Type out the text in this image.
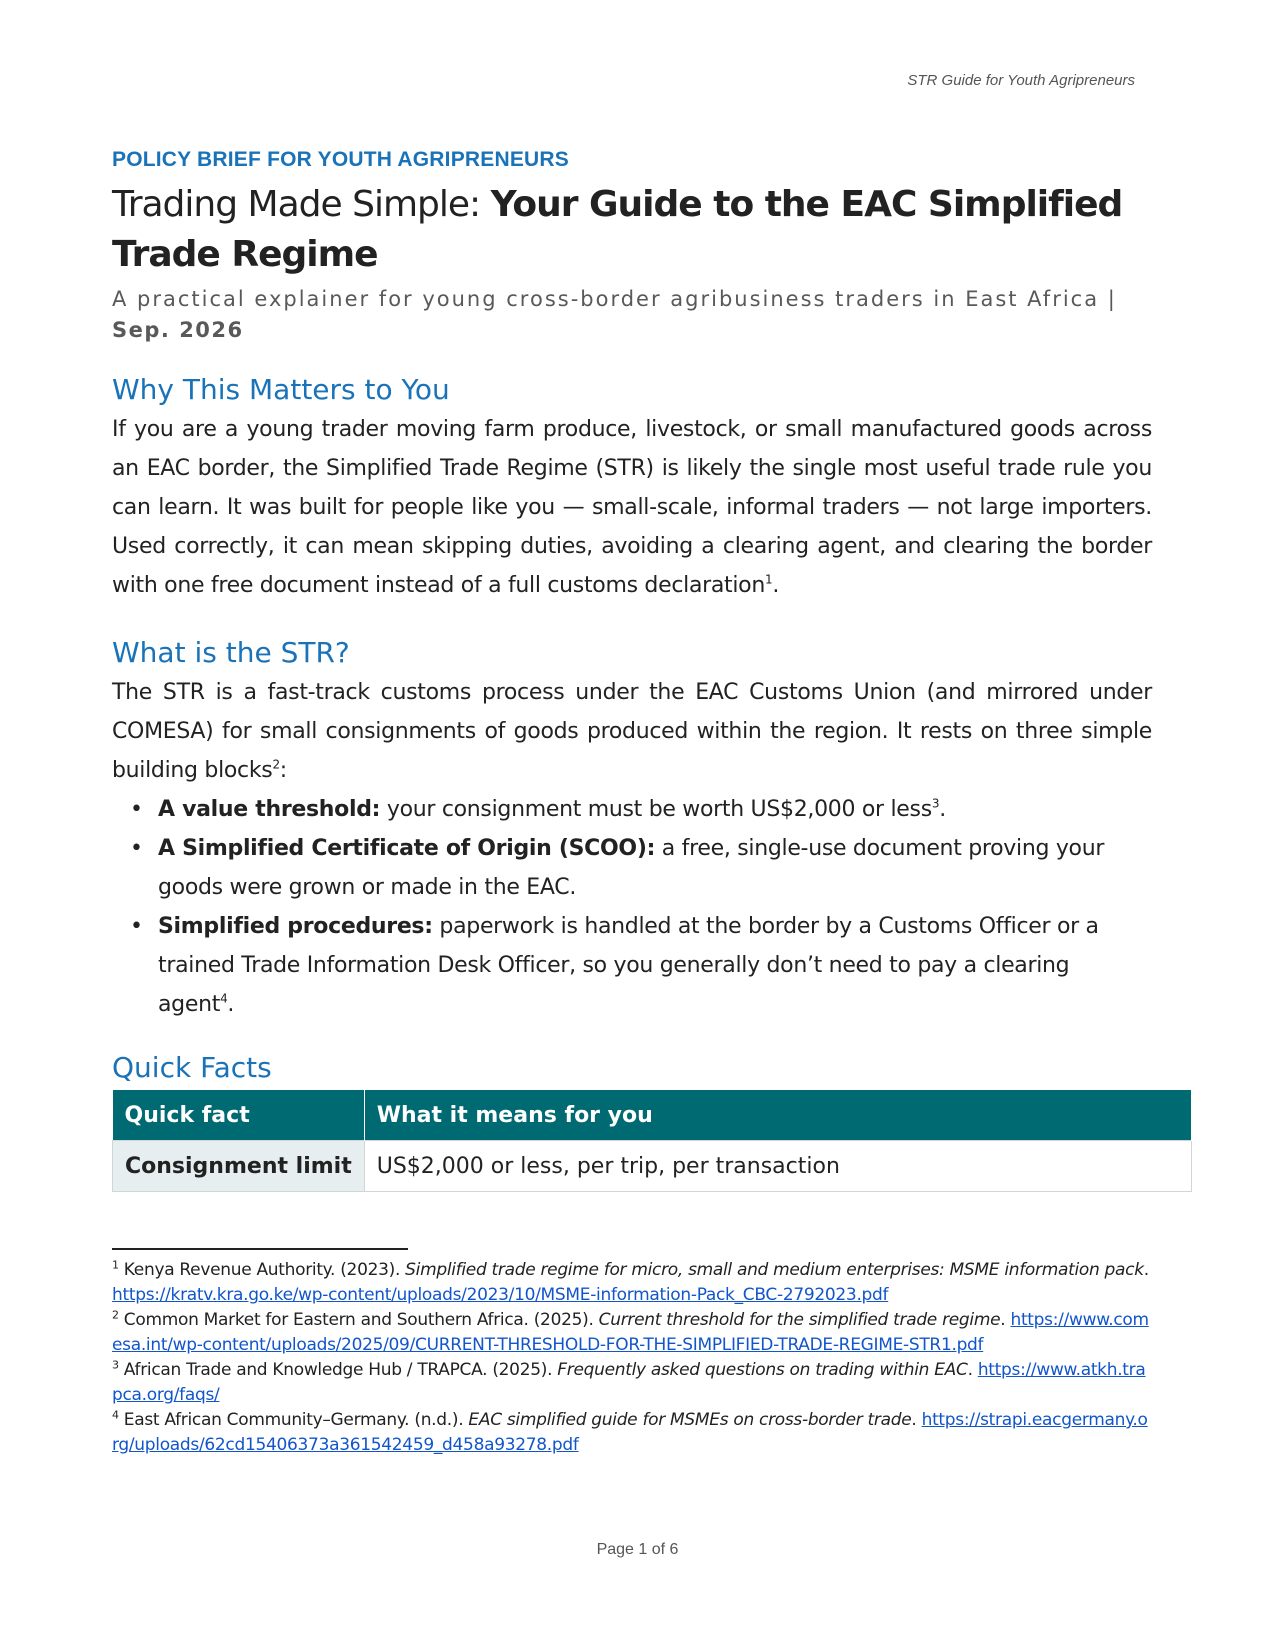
STR Guide for Youth Agripreneurs

POLICY BRIEF FOR YOUTH AGRIPRENEURS

Trading Made Simple: Your Guide to the EAC Simplified Trade Regime

A practical explainer for young cross-border agribusiness traders in East Africa | Sep. 2026

Why This Matters to You

If you are a young trader moving farm produce, livestock, or small manufactured goods across an EAC border, the Simplified Trade Regime (STR) is likely the single most useful trade rule you can learn. It was built for people like you — small-scale, informal traders — not large importers. Used correctly, it can mean skipping duties, avoiding a clearing agent, and clearing the border with one free document instead of a full customs declaration$^1$.

What is the STR?

The STR is a fast-track customs process under the EAC Customs Union (and mirrored under COMESA) for small consignments of goods produced within the region. It rests on three simple building blocks$^2$:

• A value threshold: your consignment must be worth US$2,000 or less$^3$.
• A Simplified Certificate of Origin (SCOO): a free, single-use document proving your goods were grown or made in the EAC.
• Simplified procedures: paperwork is handled at the border by a Customs Officer or a trained Trade Information Desk Officer, so you generally don’t need to pay a clearing agent$^4$.
Quick Facts
Quick fact	What it means for you
Consignment limit	US$2,000 or less, per trip, per transaction

$^1$ Kenya Revenue Authority. (2023). Simplified trade regime for micro, small and medium enterprises: MSME information pack. https://kratv.kra.go.ke/wp-content/uploads/2023/10/MSME-information-Pack_CBC-2792023.pdf

$^2$ Common Market for Eastern and Southern Africa. (2025). Current threshold for the simplified trade regime. https://www.comesa.int/wp-content/uploads/2025/09/CURRENT-THRESHOLD-FOR-THE-SIMPLIFIED-TRADE-REGIME-STR1.pdf

$^3$ African Trade and Knowledge Hub / TRAPCA. (2025). Frequently asked questions on trading within EAC. https://www.atkh.trapca.org/faqs/

$^4$ East African Community–Germany. (n.d.). EAC simplified guide for MSMEs on cross-border trade. https://strapi.eacgermany.org/uploads/62cd15406373a361542459_d458a93278.pdf

Page 1 of 6
